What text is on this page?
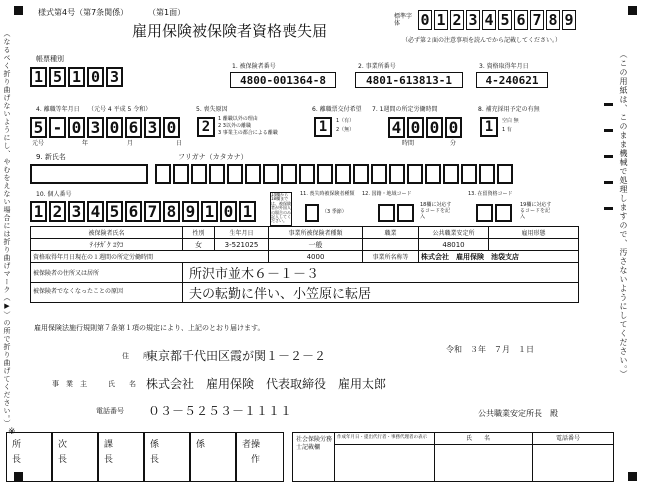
（なるべく折り曲げないようにし、やむをえない場合には折り曲げマーク（▶）の所で折り曲げてください。）	（この用紙は、このまま機械で処理しますので、汚さないようにしてください。）
様式第4号（第7条関係） （第1面）
雇用保険被保険者資格喪失届
標準字体	0 1 2 3 4 5 6 7 8 9
（必ず第２面の注意事項を読んでから記載してください。）
帳票種別
1 5 1 0 3
1. 被保険者番号
4800-001364-8
2. 事業所番号
4801-613813-1
3. 資格取得年月日
4-240621
4. 離職等年月日 （元号 4 平成 5 令和）
5 - 0 3 0 6 3 0
元号	年	月	日
5. 喪失原因
2	1 離職以外の理由
2 3以外の離職
3 事業主の都合による離職
6. 離職票交付希望
1	1（有）
2（無）
7. 1週間の所定労働時間
4 0 0 0
時間	分
8. 補充採用予定の有無
1	空白 無
1 有
9. 新氏名	フリガナ（カタカナ）
10. 個人番号
1 2 3 4 5 6 7 8 9 1 0 1
14欄から18欄までは、被保険者が外国人の場合のみ記入してください。
11. 喪失時被保険者種類
（3 季節）
12. 国籍・地域コード
18欄に対応するコードを記入
13. 在留資格コード
19欄に対応するコードを記入
被保険者氏名	性別	生年月日	事業所被保険者種類	職業	公共職業安定所	雇用形態
ﾃｲﾁｶﾞｸ ﾕｳｺ	女	3-521025	一般		48010	
資格取得年月日現在の１週間の所定労働時間			4000	事業所名称等	株式会社　雇用保険　池袋支店	
被保険者の住所又は居所	所沢市並木６－１－３					
被保険者でなくなったことの原因	夫の転勤に伴い、小笠原に転居					
雇用保険法施行規則第７条第１項の規定により、上記のとおり届けます。
令和　３年　７月　１日
住　　所
東京都千代田区霞が関１－２－２
事　業　主	氏　　名 株式会社　雇用保険　代表取締役　雇用太郎
電話番号 ０３－５２５３－１１１１	公共職業安定所長　殿
※
所長	次長	課長	係長	係	操作者	社会保険労務士記載欄
作成年月日・提出代行者・事務代理者の表示	氏　　名	電話番号
